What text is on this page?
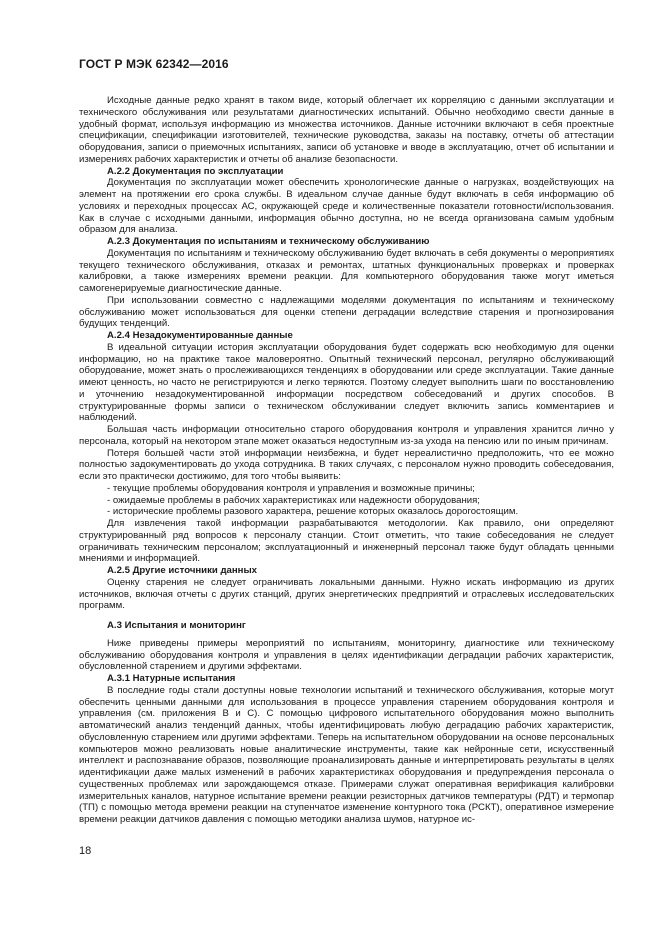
ГОСТ Р МЭК 62342—2016

Исходные данные редко хранят в таком виде, который облегчает их корреляцию с данными эксплуатации и технического обслуживания или результатами диагностических испытаний. Обычно необходимо свести данные в удобный формат, используя информацию из множества источников. Данные источники включают в себя проектные спецификации, спецификации изготовителей, технические руководства, заказы на поставку, отчеты об аттестации оборудования, записи о приемочных испытаниях, записи об установке и вводе в эксплуатацию, отчет об испытании и измерениях рабочих характеристик и отчеты об анализе безопасности.

А.2.2 Документация по эксплуатации

Документация по эксплуатации может обеспечить хронологические данные о нагрузках, воздействующих на элемент на протяжении его срока службы. В идеальном случае данные будут включать в себя информацию об условиях и переходных процессах АС, окружающей среде и количественные показатели готовности/использования. Как в случае с исходными данными, информация обычно доступна, но не всегда организована самым удобным образом для анализа.

А.2.3 Документация по испытаниям и техническому обслуживанию

Документация по испытаниям и техническому обслуживанию будет включать в себя документы о мероприятиях текущего технического обслуживания, отказах и ремонтах, штатных функциональных проверках и проверках калибровки, а также измерениях времени реакции. Для компьютерного оборудования также могут иметься самогенерируемые диагностические данные.

При использовании совместно с надлежащими моделями документация по испытаниям и техническому обслуживанию может использоваться для оценки степени деградации вследствие старения и прогнозирования будущих тенденций.

А.2.4 Незадокументированные данные

В идеальной ситуации история эксплуатации оборудования будет содержать всю необходимую для оценки информацию, но на практике такое маловероятно. Опытный технический персонал, регулярно обслуживающий оборудование, может знать о прослеживающихся тенденциях в оборудовании или среде эксплуатации. Такие данные имеют ценность, но часто не регистрируются и легко теряются. Поэтому следует выполнить шаги по восстановлению и уточнению незадокументированной информации посредством собеседований и других способов. В структурированные формы записи о техническом обслуживании следует включить запись комментариев и наблюдений.

Большая часть информации относительно старого оборудования контроля и управления хранится лично у персонала, который на некотором этапе может оказаться недоступным из-за ухода на пенсию или по иным причинам.

Потеря большей части этой информации неизбежна, и будет нереалистично предположить, что ее можно полностью задокументировать до ухода сотрудника. В таких случаях, с персоналом нужно проводить собеседования, если это практически достижимо, для того чтобы выявить:

- текущие проблемы оборудования контроля и управления и возможные причины;
- ожидаемые проблемы в рабочих характеристиках или надежности оборудования;
- исторические проблемы разового характера, решение которых оказалось дорогостоящим.

Для извлечения такой информации разрабатываются методологии. Как правило, они определяют структурированный ряд вопросов к персоналу станции. Стоит отметить, что такие собеседования не следует ограничивать техническим персоналом; эксплуатационный и инженерный персонал также будут обладать ценными мнениями и информацией.

А.2.5 Другие источники данных

Оценку старения не следует ограничивать локальными данными. Нужно искать информацию из других источников, включая отчеты с других станций, других энергетических предприятий и отраслевых исследовательских программ.

А.3 Испытания и мониторинг

Ниже приведены примеры мероприятий по испытаниям, мониторингу, диагностике или техническому обслуживанию оборудования контроля и управления в целях идентификации деградации рабочих характеристик, обусловленной старением и другими эффектами.

А.3.1 Натурные испытания

В последние годы стали доступны новые технологии испытаний и технического обслуживания, которые могут обеспечить ценными данными для использования в процессе управления старением оборудования контроля и управления (см. приложения В и С). С помощью цифрового испытательного оборудования можно выполнить автоматический анализ тенденций данных, чтобы идентифицировать любую деградацию рабочих характеристик, обусловленную старением или другими эффектами. Теперь на испытательном оборудовании на основе персональных компьютеров можно реализовать новые аналитические инструменты, такие как нейронные сети, искусственный интеллект и распознавание образов, позволяющие проанализировать данные и интерпретировать результаты в целях идентификации даже малых изменений в рабочих характеристиках оборудования и предупреждения персонала о существенных проблемах или зарождающемся отказе. Примерами служат оперативная верификация калибровки измерительных каналов, натурное испытание времени реакции резисторных датчиков температуры (РДТ) и термопар (ТП) с помощью метода времени реакции на ступенчатое изменение контурного тока (РСКТ), оперативное измерение времени реакции датчиков давления с помощью методики анализа шумов, натурное ис-

18
